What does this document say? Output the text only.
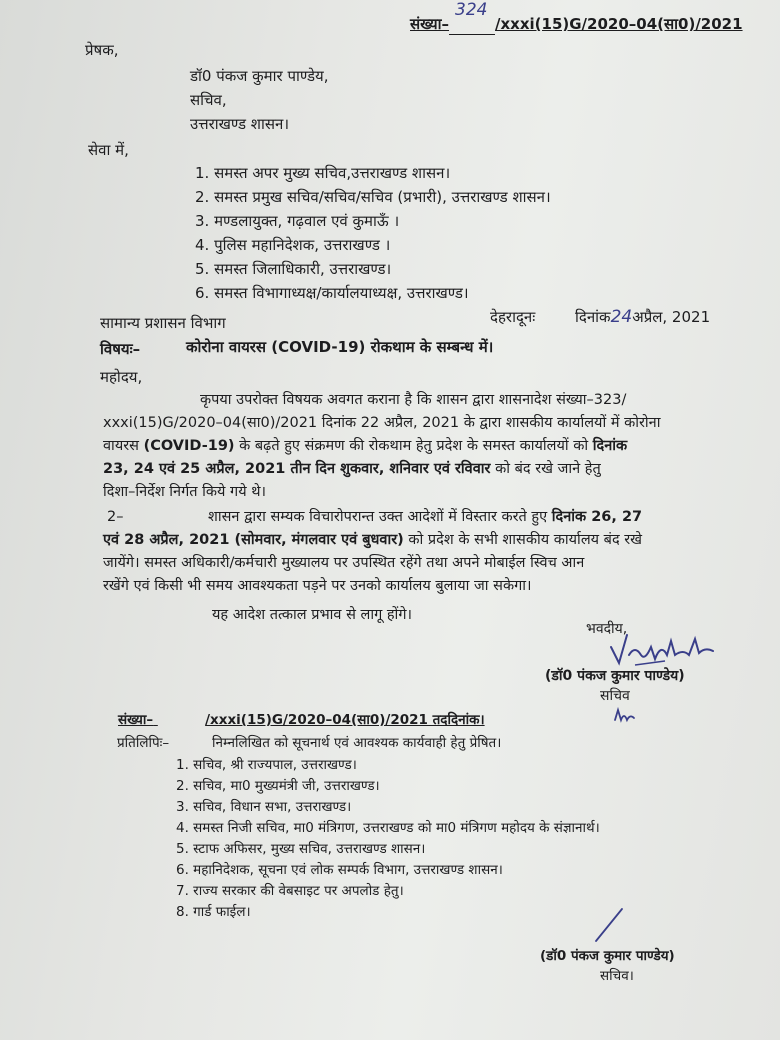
संख्या–
324
/xxxi(15)G/2020–04(सा0)/2021
प्रेषक,
डॉ0 पंकज कुमार पाण्डेय,
सचिव,
उत्तराखण्ड शासन।
सेवा में,
1. समस्त अपर मुख्य सचिव,उत्तराखण्ड शासन।
2. समस्त प्रमुख सचिव/सचिव/सचिव (प्रभारी), उत्तराखण्ड शासन।
3. मण्डलायुक्त, गढ़वाल एवं कुमाऊँ ।
4. पुलिस महानिदेशक, उत्तराखण्ड ।
5. समस्त जिलाधिकारी, उत्तराखण्ड।
6. समस्त विभागाध्यक्ष/कार्यालयाध्यक्ष, उत्तराखण्ड।
सामान्य प्रशासन विभाग	देहरादूनः	दिनांक24अप्रैल, 2021
विषयः–	कोरोना वायरस (COVID-19) रोकथाम के सम्बन्ध में।
महोदय,
कृपया उपरोक्त विषयक अवगत कराना है कि शासन द्वारा शासनादेश संख्या–323/
xxxi(15)G/2020–04(सा0)/2021 दिनांक 22 अप्रैल, 2021 के द्वारा शासकीय कार्यालयों में कोरोना
वायरस (COVID-19) के बढ़ते हुए संक्रमण की रोकथाम हेतु प्रदेश के समस्त कार्यालयों को दिनांक
23, 24 एवं 25 अप्रैल, 2021 तीन दिन शुकवार, शनिवार एवं रविवार को बंद रखे जाने हेतु
दिशा–निर्देश निर्गत किये गये थे।
2–	शासन द्वारा सम्यक विचारोपरान्त उक्त आदेशों में विस्तार करते हुए दिनांक 26, 27
एवं 28 अप्रैल, 2021 (सोमवार, मंगलवार एवं बुधवार) को प्रदेश के सभी शासकीय कार्यालय बंद रखे
जायेंगे। समस्त अधिकारी/कर्मचारी मुख्यालय पर उपस्थित रहेंगे तथा अपने मोबाईल स्विच आन
रखेंगे एवं किसी भी समय आवश्यकता पड़ने पर उनको कार्यालय बुलाया जा सकेगा।
यह आदेश तत्काल प्रभाव से लागू होंगे।
भवदीय,
(डॉ0 पंकज कुमार पाण्डेय)
सचिव
संख्या–	/xxxi(15)G/2020–04(सा0)/2021 तददिनांक।
प्रतिलिपिः–	निम्नलिखित को सूचनार्थ एवं आवश्यक कार्यवाही हेतु प्रेषित।
1. सचिव, श्री राज्यपाल, उत्तराखण्ड।
2. सचिव, मा0 मुख्यमंत्री जी, उत्तराखण्ड।
3. सचिव, विधान सभा, उत्तराखण्ड।
4. समस्त निजी सचिव, मा0 मंत्रिगण, उत्तराखण्ड को मा0 मंत्रिगण महोदय के संज्ञानार्थ।
5. स्टाफ अफिसर, मुख्य सचिव, उत्तराखण्ड शासन।
6. महानिदेशक, सूचना एवं लोक सम्पर्क विभाग, उत्तराखण्ड शासन।
7. राज्य सरकार की वेबसाइट पर अपलोड हेतु।
8. गार्ड फाईल।
(डॉ0 पंकज कुमार पाण्डेय)
सचिव।
